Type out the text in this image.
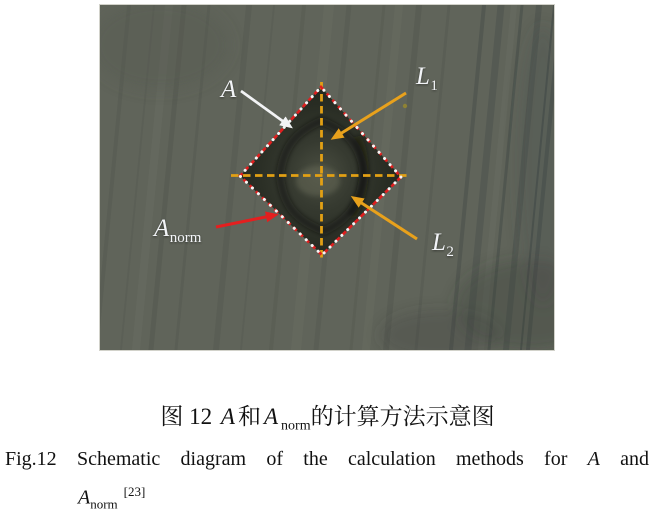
A	$L_1$
$A_{norm}$	$L_2$
图 12 A 和 A $_{norm}$的计算方法示意图
Fig.12 Schematic diagram of the calculation methods for A and
$A_{norm}[23]$
